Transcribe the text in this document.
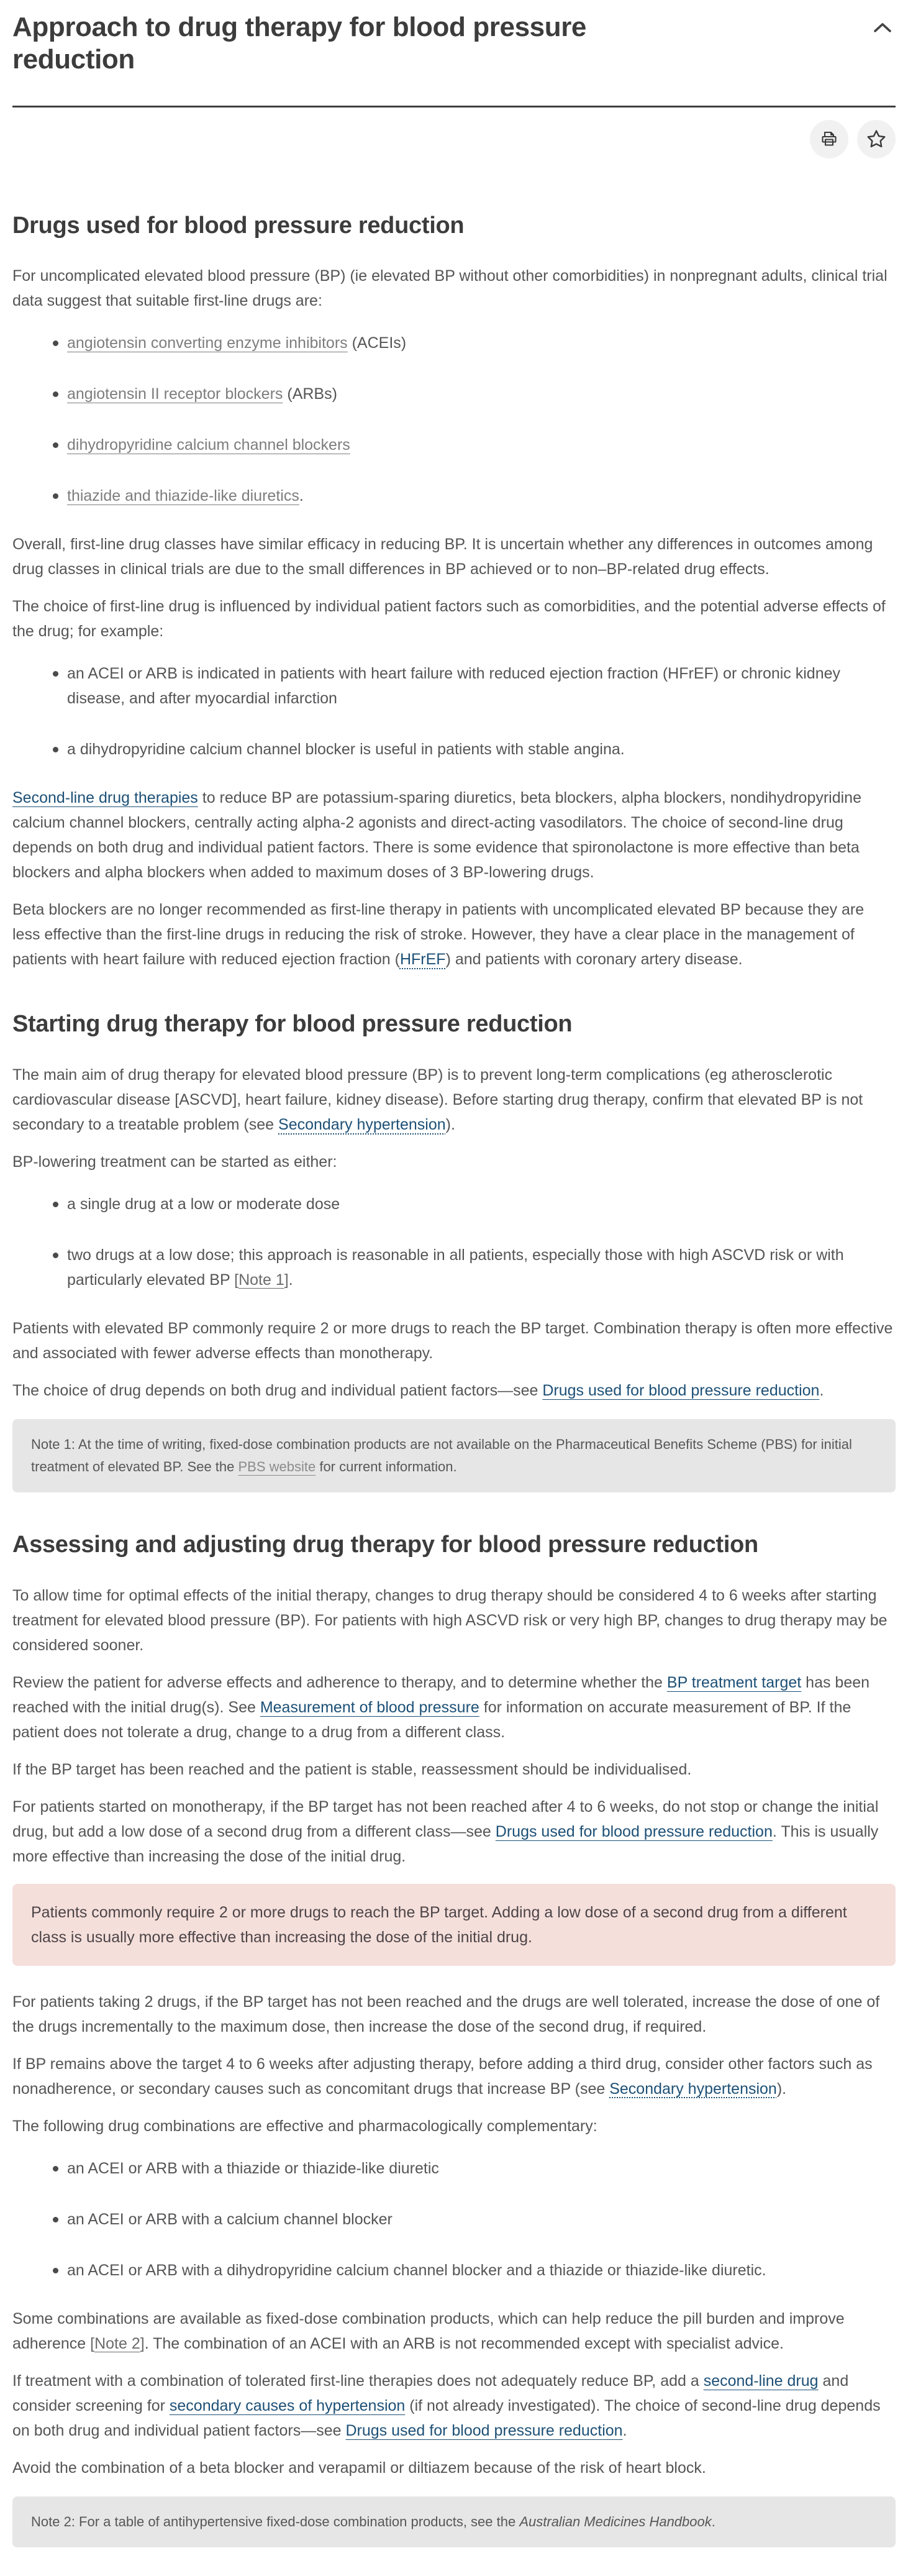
Approach to drug therapy for blood pressure
reduction
Drugs used for blood pressure reduction

For uncomplicated elevated blood pressure (BP) (ie elevated BP without other comorbidities) in nonpregnant adults, clinical trial data suggest that suitable first-line drugs are:

angiotensin converting enzyme inhibitors (ACEIs)
angiotensin II receptor blockers (ARBs)
dihydropyridine calcium channel blockers
thiazide and thiazide-like diuretics.

Overall, first-line drug classes have similar efficacy in reducing BP. It is uncertain whether any differences in outcomes among drug classes in clinical trials are due to the small differences in BP achieved or to non–BP-related drug effects.

The choice of first-line drug is influenced by individual patient factors such as comorbidities, and the potential adverse effects of the drug; for example:

an ACEI or ARB is indicated in patients with heart failure with reduced ejection fraction (HFrEF) or chronic kidney disease, and after myocardial infarction
a dihydropyridine calcium channel blocker is useful in patients with stable angina.

Second-line drug therapies to reduce BP are potassium-sparing diuretics, beta blockers, alpha blockers, nondihydropyridine calcium channel blockers, centrally acting alpha-2 agonists and direct-acting vasodilators. The choice of second-line drug depends on both drug and individual patient factors. There is some evidence that spironolactone is more effective than beta blockers and alpha blockers when added to maximum doses of 3 BP-lowering drugs.

Beta blockers are no longer recommended as first-line therapy in patients with uncomplicated elevated BP because they are less effective than the first-line drugs in reducing the risk of stroke. However, they have a clear place in the management of patients with heart failure with reduced ejection fraction (HFrEF) and patients with coronary artery disease.

Starting drug therapy for blood pressure reduction

The main aim of drug therapy for elevated blood pressure (BP) is to prevent long-term complications (eg atherosclerotic cardiovascular disease [ASCVD], heart failure, kidney disease). Before starting drug therapy, confirm that elevated BP is not secondary to a treatable problem (see Secondary hypertension).

BP-lowering treatment can be started as either:

a single drug at a low or moderate dose
two drugs at a low dose; this approach is reasonable in all patients, especially those with high ASCVD risk or with particularly elevated BP [Note 1].

Patients with elevated BP commonly require 2 or more drugs to reach the BP target. Combination therapy is often more effective and associated with fewer adverse effects than monotherapy.

The choice of drug depends on both drug and individual patient factors—see Drugs used for blood pressure reduction.

Note 1: At the time of writing, fixed-dose combination products are not available on the Pharmaceutical Benefits Scheme (PBS) for initial treatment of elevated BP. See the PBS website for current information.
Assessing and adjusting drug therapy for blood pressure reduction

To allow time for optimal effects of the initial therapy, changes to drug therapy should be considered 4 to 6 weeks after starting treatment for elevated blood pressure (BP). For patients with high ASCVD risk or very high BP, changes to drug therapy may be considered sooner.

Review the patient for adverse effects and adherence to therapy, and to determine whether the BP treatment target has been reached with the initial drug(s). See Measurement of blood pressure for information on accurate measurement of BP. If the patient does not tolerate a drug, change to a drug from a different class.

If the BP target has been reached and the patient is stable, reassessment should be individualised.

For patients started on monotherapy, if the BP target has not been reached after 4 to 6 weeks, do not stop or change the initial drug, but add a low dose of a second drug from a different class—see Drugs used for blood pressure reduction. This is usually more effective than increasing the dose of the initial drug.

Patients commonly require 2 or more drugs to reach the BP target. Adding a low dose of a second drug from a different class is usually more effective than increasing the dose of the initial drug.

For patients taking 2 drugs, if the BP target has not been reached and the drugs are well tolerated, increase the dose of one of the drugs incrementally to the maximum dose, then increase the dose of the second drug, if required.

If BP remains above the target 4 to 6 weeks after adjusting therapy, before adding a third drug, consider other factors such as nonadherence, or secondary causes such as concomitant drugs that increase BP (see Secondary hypertension).

The following drug combinations are effective and pharmacologically complementary:

an ACEI or ARB with a thiazide or thiazide-like diuretic
an ACEI or ARB with a calcium channel blocker
an ACEI or ARB with a dihydropyridine calcium channel blocker and a thiazide or thiazide-like diuretic.

Some combinations are available as fixed-dose combination products, which can help reduce the pill burden and improve adherence [Note 2]. The combination of an ACEI with an ARB is not recommended except with specialist advice.

If treatment with a combination of tolerated first-line therapies does not adequately reduce BP, add a second-line drug and consider screening for secondary causes of hypertension (if not already investigated). The choice of second-line drug depends on both drug and individual patient factors—see Drugs used for blood pressure reduction.

Avoid the combination of a beta blocker and verapamil or diltiazem because of the risk of heart block.

Note 2: For a table of antihypertensive fixed-dose combination products, see the Australian Medicines Handbook.
